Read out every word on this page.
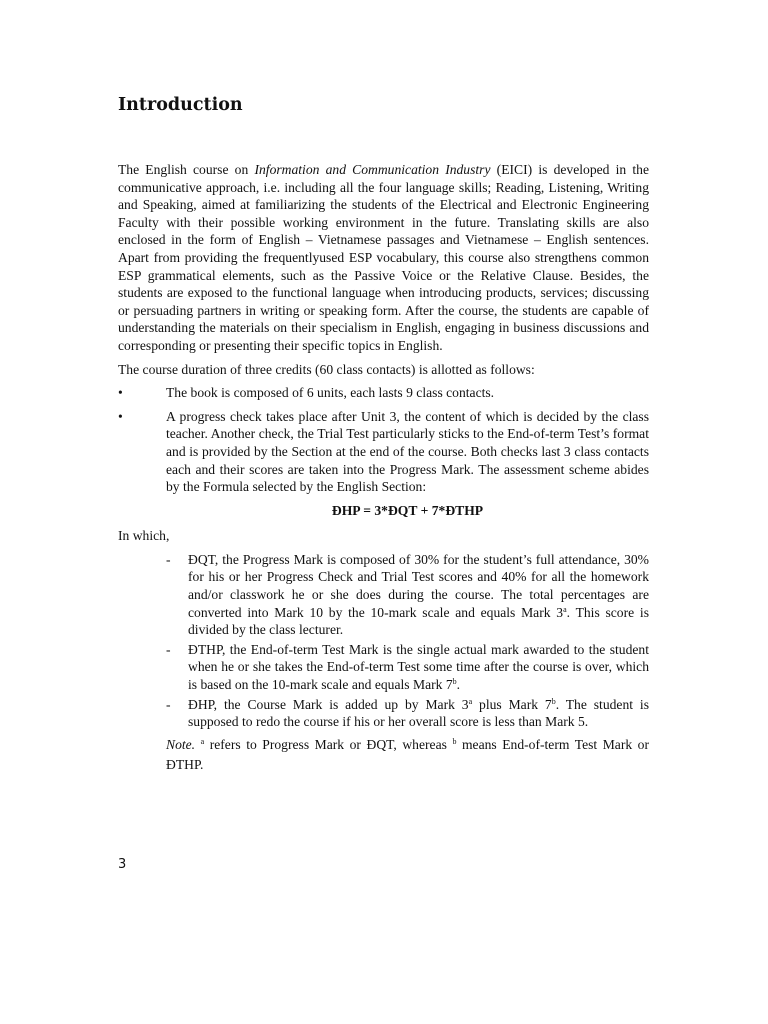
Introduction

The English course on Information and Communication Industry (EICI) is developed in the communicative approach, i.e. including all the four language skills; Reading, Listening, Writing and Speaking, aimed at familiarizing the students of the Electrical and Electronic Engineering Faculty with their possible working environment in the future. Translating skills are also enclosed in the form of English – Vietnamese passages and Vietnamese – English sentences. Apart from providing the frequentlyused ESP vocabulary, this course also strengthens common ESP grammatical elements, such as the Passive Voice or the Relative Clause. Besides, the students are exposed to the functional language when introducing products, services; discussing or persuading partners in writing or speaking form. After the course, the students are capable of understanding the materials on their specialism in English, engaging in business discussions and corresponding or presenting their specific topics in English.

The course duration of three credits (60 class contacts) is allotted as follows:

•	The book is composed of 6 units, each lasts 9 class contacts.
•	A progress check takes place after Unit 3, the content of which is decided by the class teacher. Another check, the Trial Test particularly sticks to the End-of-term Test’s format and is provided by the Section at the end of the course. Both checks last 3 class contacts each and their scores are taken into the Progress Mark. The assessment scheme abides by the Formula selected by the English Section:
ĐHP = 3*ĐQT + 7*ĐTHP

In which,

- ĐQT, the Progress Mark is composed of 30% for the student’s full attendance, 30% for his or her Progress Check and Trial Test scores and 40% for all the homework and/or classwork he or she does during the course. The total percentages are converted into Mark 10 by the 10-mark scale and equals Mark 3$^a$. This score is divided by the class lecturer.
- ĐTHP, the End-of-term Test Mark is the single actual mark awarded to the student when he or she takes the End-of-term Test some time after the course is over, which is based on the 10-mark scale and equals Mark 7$^b$.
- ĐHP, the Course Mark is added up by Mark 3$^a$ plus Mark 7$^b$. The student is supposed to redo the course if his or her overall score is less than Mark 5.
Note. $^a$ refers to Progress Mark or ĐQT, whereas $^b$ means End-of-term Test Mark or ĐTHP.
3
